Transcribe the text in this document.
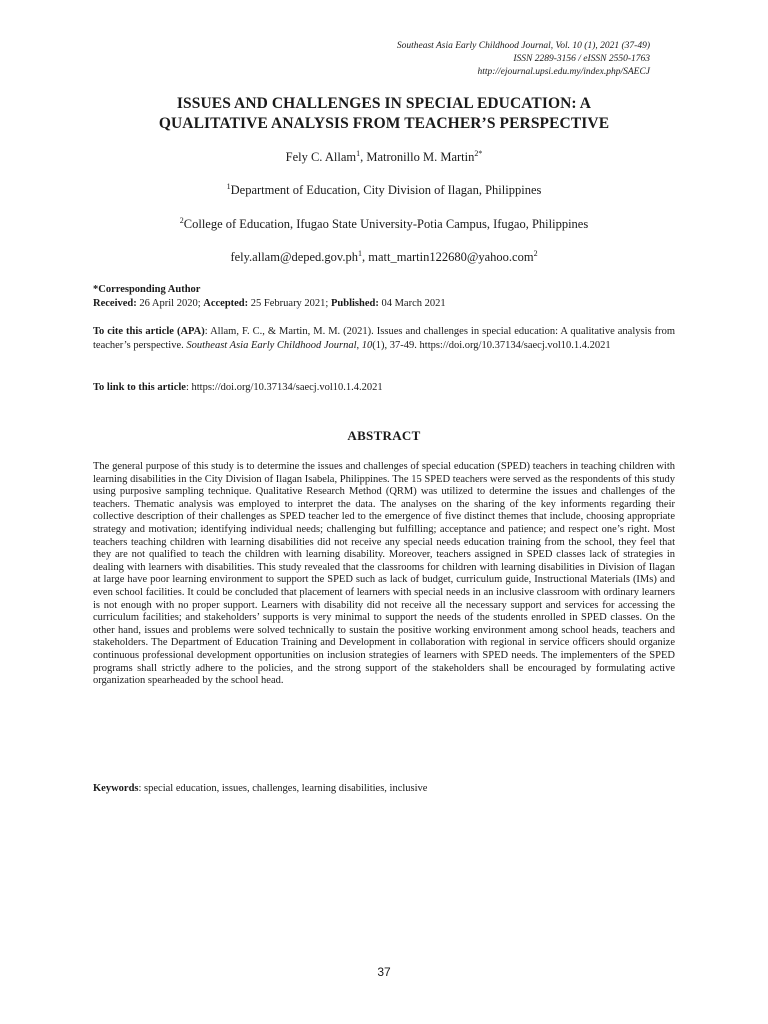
Southeast Asia Early Childhood Journal, Vol. 10 (1), 2021 (37-49)
ISSN 2289-3156 / eISSN 2550-1763
http://ejournal.upsi.edu.my/index.php/SAECJ
ISSUES AND CHALLENGES IN SPECIAL EDUCATION: A
QUALITATIVE ANALYSIS FROM TEACHER’S PERSPECTIVE
Fely C. Allam$^1$, Matronillo M. Martin$^{2*}$
$^1$Department of Education, City Division of Ilagan, Philippines
$^2$College of Education, Ifugao State University-Potia Campus, Ifugao, Philippines
$fely.allam@deped.gov.ph^1$, matt_martin122680@yahoo.com$^2$
*Corresponding Author
Received: 26 April 2020; Accepted: 25 February 2021; Published: 04 March 2021
To cite this article (APA): Allam, F. C., & Martin, M. M. (2021). Issues and challenges in special education: A qualitative analysis from teacher’s perspective. Southeast Asia Early Childhood Journal, 10(1), 37-49. https://doi.org/10.37134/saecj.vol10.1.4.2021
To link to this article: https://doi.org/10.37134/saecj.vol10.1.4.2021
ABSTRACT
The general purpose of this study is to determine the issues and challenges of special education (SPED) teachers in teaching children with learning disabilities in the City Division of Ilagan Isabela, Philippines. The 15 SPED teachers were served as the respondents of this study using purposive sampling technique. Qualitative Research Method (QRM) was utilized to determine the issues and challenges of the teachers. Thematic analysis was employed to interpret the data. The analyses on the sharing of the key informents regarding their collective description of their challenges as SPED teacher led to the emergence of five distinct themes that include, choosing appropriate strategy and motivation; identifying individual needs; challenging but fulfilling; acceptance and patience; and respect one’s right. Most teachers teaching children with learning disabilities did not receive any special needs education training from the school, they feel that they are not qualified to teach the children with learning disability. Moreover, teachers assigned in SPED classes lack of strategies in dealing with learners with disabilities. This study revealed that the classrooms for children with learning disabilities in Division of Ilagan at large have poor learning environment to support the SPED such as lack of budget, curriculum guide, Instructional Materials (IMs) and even school facilities. It could be concluded that placement of learners with special needs in an inclusive classroom with ordinary learners is not enough with no proper support. Learners with disability did not receive all the necessary support and services for accessing the curriculum facilities; and stakeholders’ supports is very minimal to support the needs of the students enrolled in SPED classes. On the other hand, issues and problems were solved technically to sustain the positive working environment among school heads, teachers and stakeholders. The Department of Education Training and Development in collaboration with regional in service officers should organize continuous professional development opportunities on inclusion strategies of learners with SPED needs. The implementers of the SPED programs shall strictly adhere to the policies, and the strong support of the stakeholders shall be encouraged by formulating active organization spearheaded by the school head.
Keywords: special education, issues, challenges, learning disabilities, inclusive
37
